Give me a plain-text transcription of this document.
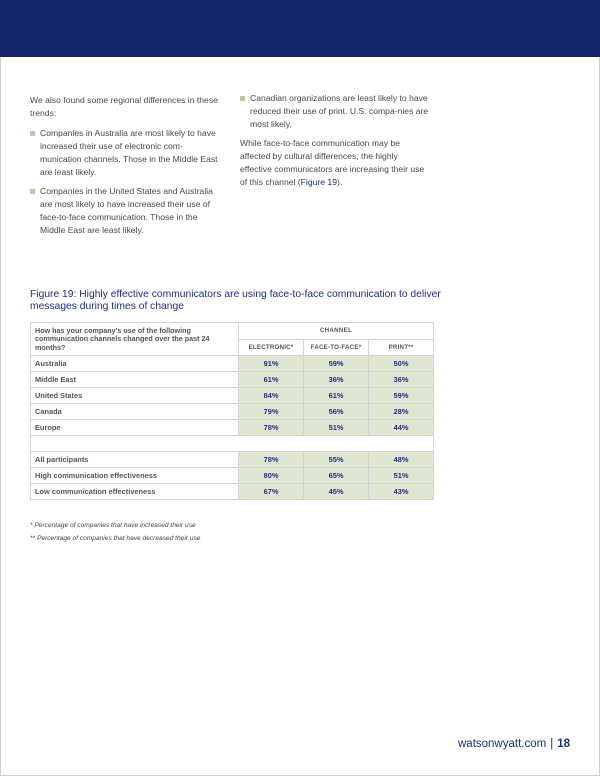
We also found some regional differences in these trends:

Companies in Australia are most likely to have increased their use of electronic com-munication channels. Those in the Middle East are least likely.
Companies in the United States and Australia are most likely to have increased their use of face-to-face communication. Those in the Middle East are least likely.
Canadian organizations are least likely to have reduced their use of print. U.S. compa-nies are most likely.

While face-to-face communication may be affected by cultural differences, the highly effective communicators are increasing their use of this channel (Figure 19).

Figure 19: Highly effective communicators are using face-to-face communication to deliver messages during times of change
How has your company's use of the following communication channels changed over the past 24 months?	CHANNEL		
	ELECTRONIC*	FACE-TO-FACE*	PRINT**
Australia	91%	59%	50%
Middle East	61%	36%	36%
United States	84%	61%	59%
Canada	79%	56%	28%
Europe	78%	51%	44%

All participants	78%	55%	48%
High communication effectiveness	80%	65%	51%
Low communication effectiveness	67%	45%	43%
* Percentage of companies that have increased their use
** Percentage of companies that have decreased their use
watsonwyatt.com | 18
